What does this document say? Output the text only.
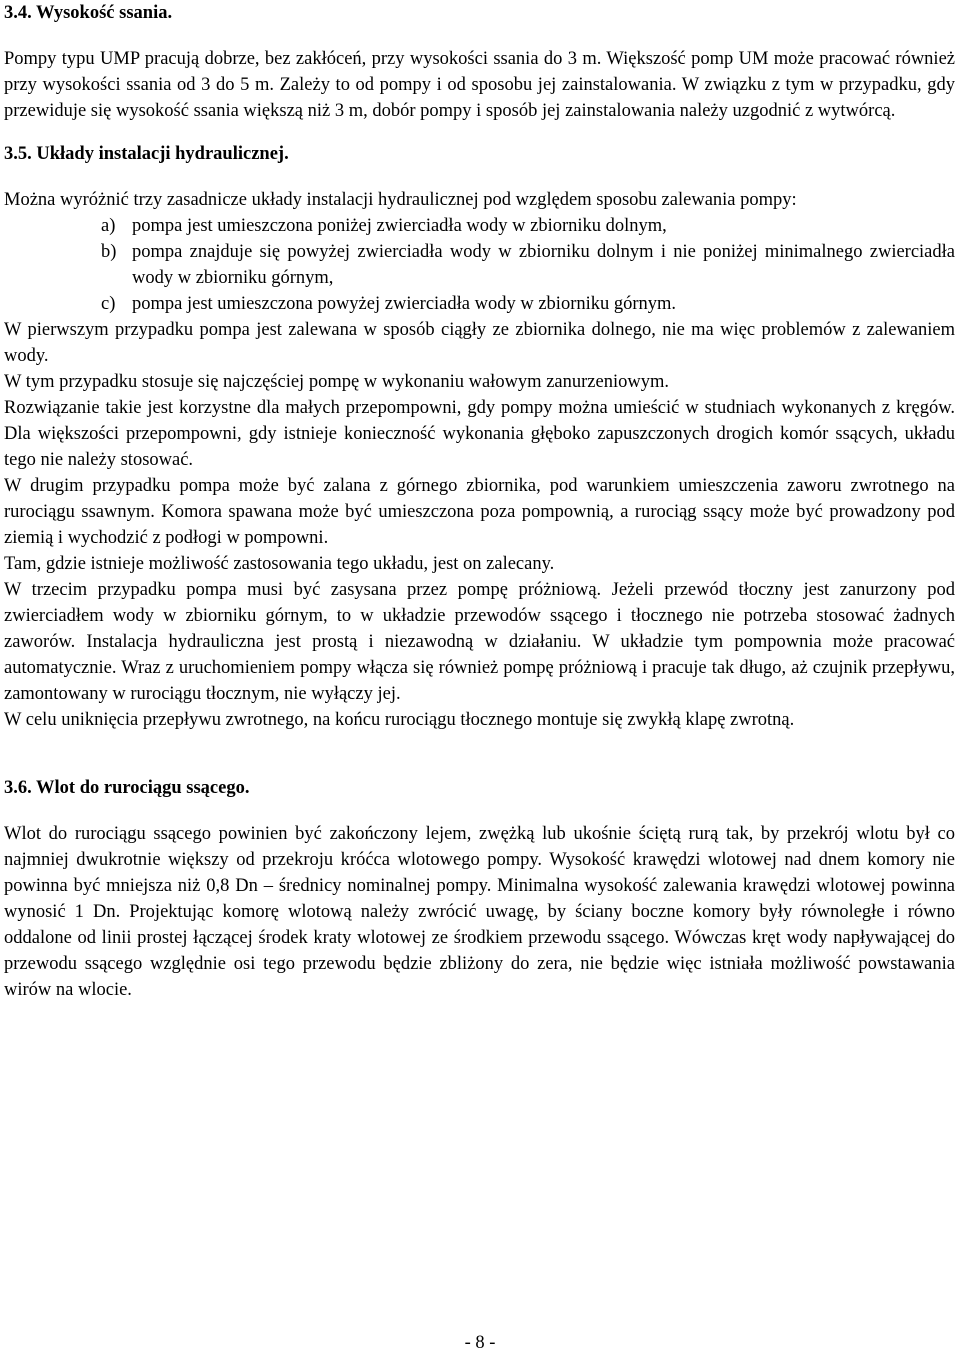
3.4. Wysokość ssania.

Pompy typu UMP pracują dobrze, bez zakłóceń, przy wysokości ssania do 3 m. Większość pomp UM może pracować również przy wysokości ssania od 3 do 5 m. Zależy to od pompy i od sposobu jej zainstalowania. W związku z tym w przypadku, gdy przewiduje się wysokość ssania większą niż 3 m, dobór pompy i sposób jej zainstalowania należy uzgodnić z wytwórcą.

3.5. Układy instalacji hydraulicznej.

Można wyróżnić trzy zasadnicze układy instalacji hydraulicznej pod względem sposobu zalewania pompy:

a) pompa jest umieszczona poniżej zwierciadła wody w zbiorniku dolnym,
b) pompa znajduje się powyżej zwierciadła wody w zbiorniku dolnym i nie poniżej minimalnego zwierciadła wody w zbiorniku górnym,
c) pompa jest umieszczona powyżej zwierciadła wody w zbiorniku górnym.

W pierwszym przypadku pompa jest zalewana w sposób ciągły ze zbiornika dolnego, nie ma więc problemów z zalewaniem wody.

W tym przypadku stosuje się najczęściej pompę w wykonaniu wałowym zanurzeniowym.

Rozwiązanie takie jest korzystne dla małych przepompowni, gdy pompy można umieścić w studniach wykonanych z kręgów. Dla większości przepompowni, gdy istnieje konieczność wykonania głęboko zapuszczonych drogich komór ssących, układu tego nie należy stosować.

W drugim przypadku pompa może być zalana z górnego zbiornika, pod warunkiem umieszczenia zaworu zwrotnego na rurociągu ssawnym. Komora spawana może być umieszczona poza pompownią, a rurociąg ssący może być prowadzony pod ziemią i wychodzić z podłogi w pompowni.

Tam, gdzie istnieje możliwość zastosowania tego układu, jest on zalecany.

W trzecim przypadku pompa musi być zasysana przez pompę próżniową. Jeżeli przewód tłoczny jest zanurzony pod zwierciadłem wody w zbiorniku górnym, to w układzie przewodów ssącego i tłocznego nie potrzeba stosować żadnych zaworów. Instalacja hydrauliczna jest prostą i niezawodną w działaniu. W układzie tym pompownia może pracować automatycznie. Wraz z uruchomieniem pompy włącza się również pompę próżniową i pracuje tak długo, aż czujnik przepływu, zamontowany w rurociągu tłocznym, nie wyłączy jej.

W celu uniknięcia przepływu zwrotnego, na końcu rurociągu tłocznego montuje się zwykłą klapę zwrotną.

3.6. Wlot do rurociągu ssącego.

Wlot do rurociągu ssącego powinien być zakończony lejem, zwężką lub ukośnie ściętą rurą tak, by przekrój wlotu był co najmniej dwukrotnie większy od przekroju króćca wlotowego pompy. Wysokość krawędzi wlotowej nad dnem komory nie powinna być mniejsza niż 0,8 Dn – średnicy nominalnej pompy. Minimalna wysokość zalewania krawędzi wlotowej powinna wynosić 1 Dn. Projektując komorę wlotową należy zwrócić uwagę, by ściany boczne komory były równoległe i równo oddalone od linii prostej łączącej środek kraty wlotowej ze środkiem przewodu ssącego. Wówczas kręt wody napływającej do przewodu ssącego względnie osi tego przewodu będzie zbliżony do zera, nie będzie więc istniała możliwość powstawania wirów na wlocie.

- 8 -
